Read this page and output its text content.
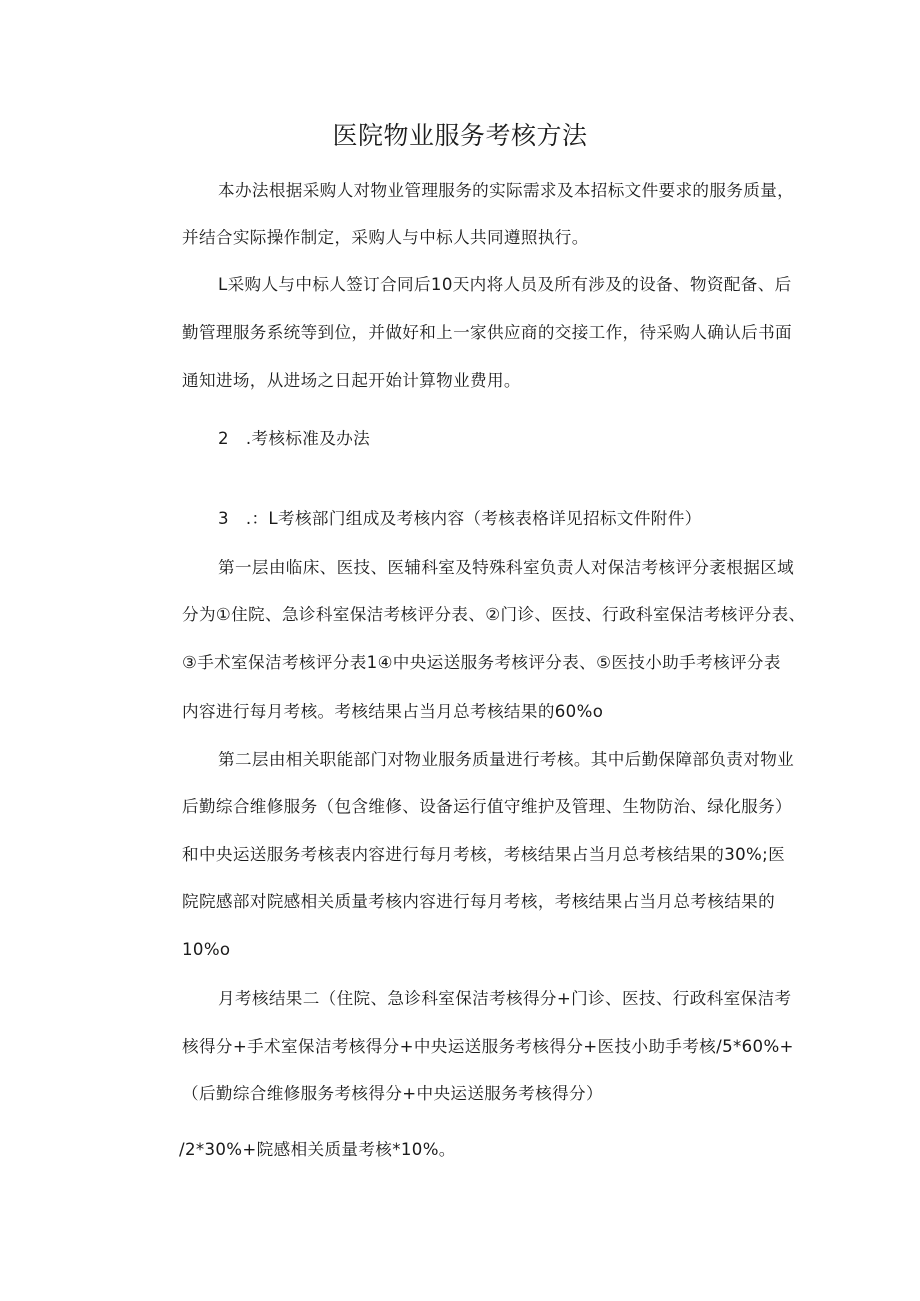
医院物业服务考核方法
本办法根据采购人对物业管理服务的实际需求及本招标文件要求的服务质量，
并结合实际操作制定，采购人与中标人共同遵照执行。
L采购人与中标人签订合同后10天内将人员及所有涉及的设备、物资配备、后
勤管理服务系统等到位，并做好和上一家供应商的交接工作，待采购人确认后书面
通知进场，从进场之日起开始计算物业费用。
2　.考核标准及办法
3　.：L考核部门组成及考核内容（考核表格详见招标文件附件）
第一层由临床、医技、医辅科室及特殊科室负责人对保洁考核评分袤根据区域
分为①住院、急诊科室保洁考核评分表、②门诊、医技、行政科室保洁考核评分表、
③手术室保洁考核评分表1④中央运送服务考核评分表、⑤医技小助手考核评分表
内容进行每月考核。考核结果占当月总考核结果的60%o
第二层由相关职能部门对物业服务质量进行考核。其中后勤保障部负责对物业
后勤综合维修服务（包含维修、设备运行值守维护及管理、生物防治、绿化服务）
和中央运送服务考核表内容进行每月考核，考核结果占当月总考核结果的30%;医
院院感部对院感相关质量考核内容进行每月考核，考核结果占当月总考核结果的
10%o
月考核结果二（住院、急诊科室保洁考核得分+门诊、医技、行政科室保洁考
核得分+手术室保洁考核得分+中央运送服务考核得分+医技小助手考核/5*60%+
（后勤综合维修服务考核得分+中央运送服务考核得分）
/2*30%+院感相关质量考核*10%。
